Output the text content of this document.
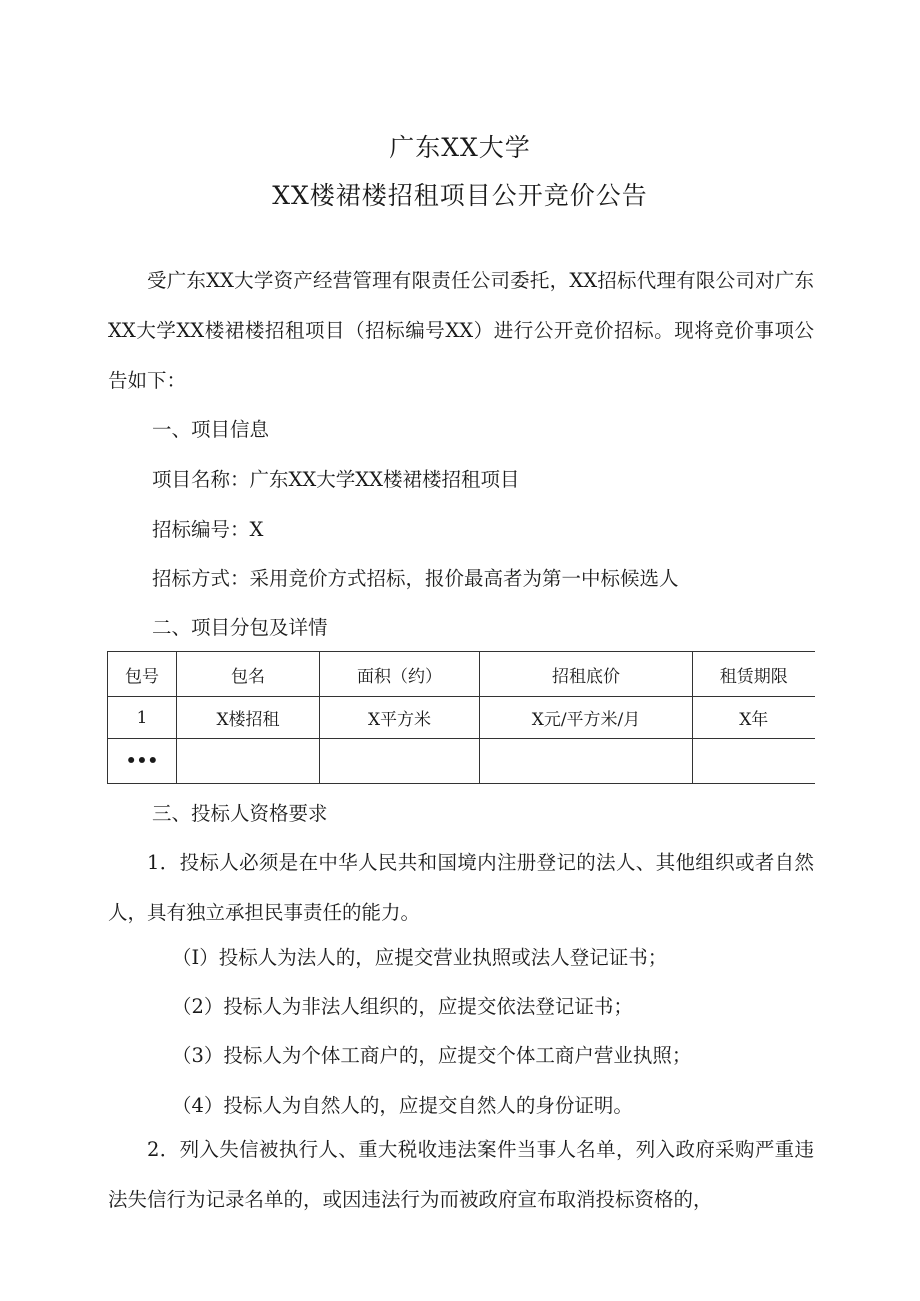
广东XX大学
XX楼裙楼招租项目公开竞价公告

受广东XX大学资产经营管理有限责任公司委托，XX招标代理有限公司对广东XX大学XX楼裙楼招租项目（招标编号XX）进行公开竞价招标。现将竞价事项公告如下：

一、项目信息
项目名称：广东XX大学XX楼裙楼招租项目
招标编号：X
招标方式：采用竞价方式招标，报价最高者为第一中标候选人
二、项目分包及详情
包号	包名	面积（约）	招租底价	租赁期限
1	X楼招租	X平方米	X元/平方米/月	X年
•••				
三、投标人资格要求

1．投标人必须是在中华人民共和国境内注册登记的法人、其他组织或者自然人，具有独立承担民事责任的能力。

（I）投标人为法人的，应提交营业执照或法人登记证书；
（2）投标人为非法人组织的，应提交依法登记证书；
（3）投标人为个体工商户的，应提交个体工商户营业执照；
（4）投标人为自然人的，应提交自然人的身份证明。

2．列入失信被执行人、重大税收违法案件当事人名单，列入政府采购严重违法失信行为记录名单的，或因违法行为而被政府宣布取消投标资格的，
